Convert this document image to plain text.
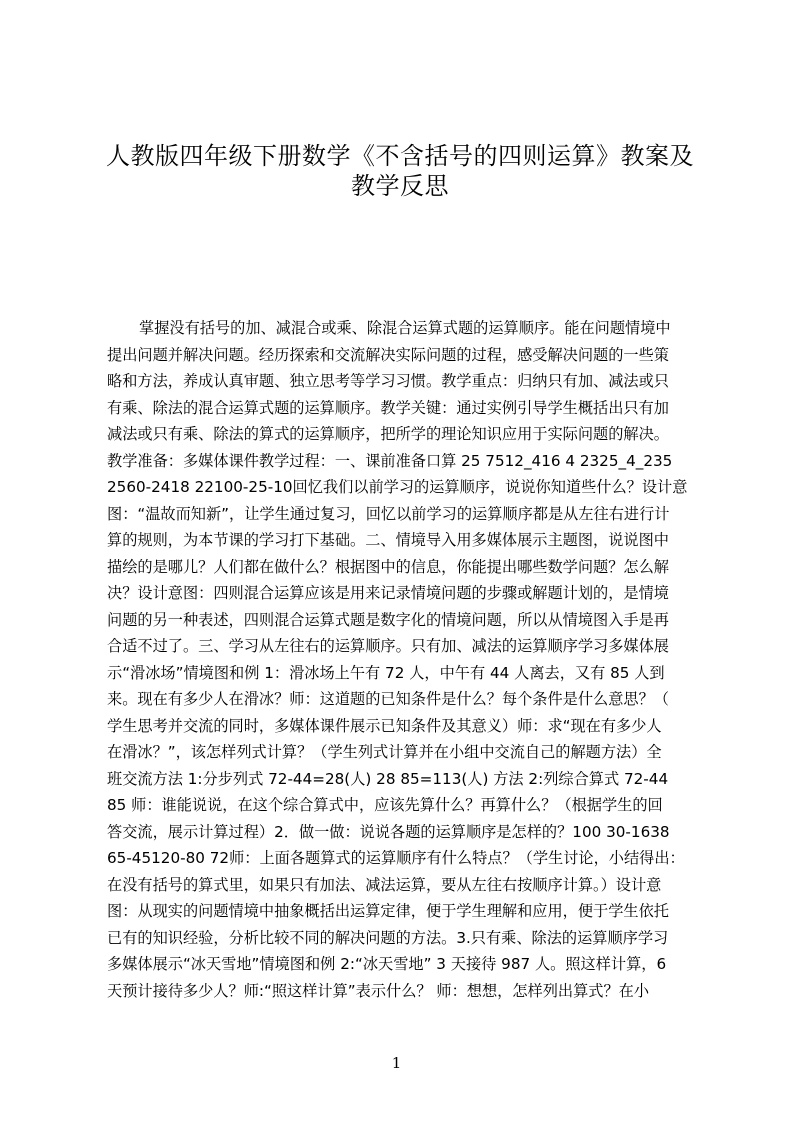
人教版四年级下册数学《不含括号的四则运算》教案及
教学反思
掌握没有括号的加、减混合或乘、除混合运算式题的运算顺序。能在问题情境中
提出问题并解决问题。经历探索和交流解决实际问题的过程，感受解决问题的一些策
略和方法，养成认真审题、独立思考等学习习惯。教学重点：归纳只有加、减法或只
有乘、除法的混合运算式题的运算顺序。教学关键：通过实例引导学生概括出只有加
减法或只有乘、除法的算式的运算顺序，把所学的理论知识应用于实际问题的解决。
教学准备：多媒体课件教学过程：一、课前准备口算 25 7512_416 4 2325_4_235
2560-2418 22100-25-10回忆我们以前学习的运算顺序，说说你知道些什么？设计意
图：“温故而知新”，让学生通过复习，回忆以前学习的运算顺序都是从左往右进行计
算的规则，为本节课的学习打下基础。二、情境导入用多媒体展示主题图，说说图中
描绘的是哪儿？人们都在做什么？根据图中的信息，你能提出哪些数学问题？怎么解
决？设计意图：四则混合运算应该是用来记录情境问题的步骤或解题计划的，是情境
问题的另一种表述，四则混合运算式题是数字化的情境问题，所以从情境图入手是再
合适不过了。三、学习从左往右的运算顺序。只有加、减法的运算顺序学习多媒体展
示“滑冰场”情境图和例 1：滑冰场上午有 72 人，中午有 44 人离去，又有 85 人到
来。现在有多少人在滑冰？师：这道题的已知条件是什么？每个条件是什么意思？（
学生思考并交流的同时，多媒体课件展示已知条件及其意义）师：求“现在有多少人
在滑冰？”，该怎样列式计算？（学生列式计算并在小组中交流自己的解题方法）全
班交流方法 1:分步列式 72-44=28(人) 28 85=113(人) 方法 2:列综合算式 72-44
85 师：谁能说说，在这个综合算式中，应该先算什么？再算什么？（根据学生的回
答交流，展示计算过程）2．做一做：说说各题的运算顺序是怎样的？100 30-1638
65-45120-80 72师：上面各题算式的运算顺序有什么特点？（学生讨论，小结得出：
在没有括号的算式里，如果只有加法、减法运算，要从左往右按顺序计算。）设计意
图：从现实的问题情境中抽象概括出运算定律，便于学生理解和应用，便于学生依托
已有的知识经验，分析比较不同的解决问题的方法。3.只有乘、除法的运算顺序学习
多媒体展示“冰天雪地”情境图和例 2:“冰天雪地” 3 天接待 987 人。照这样计算，6
天预计接待多少人？师:“照这样计算”表示什么？ 师：想想，怎样列出算式？在小
1
